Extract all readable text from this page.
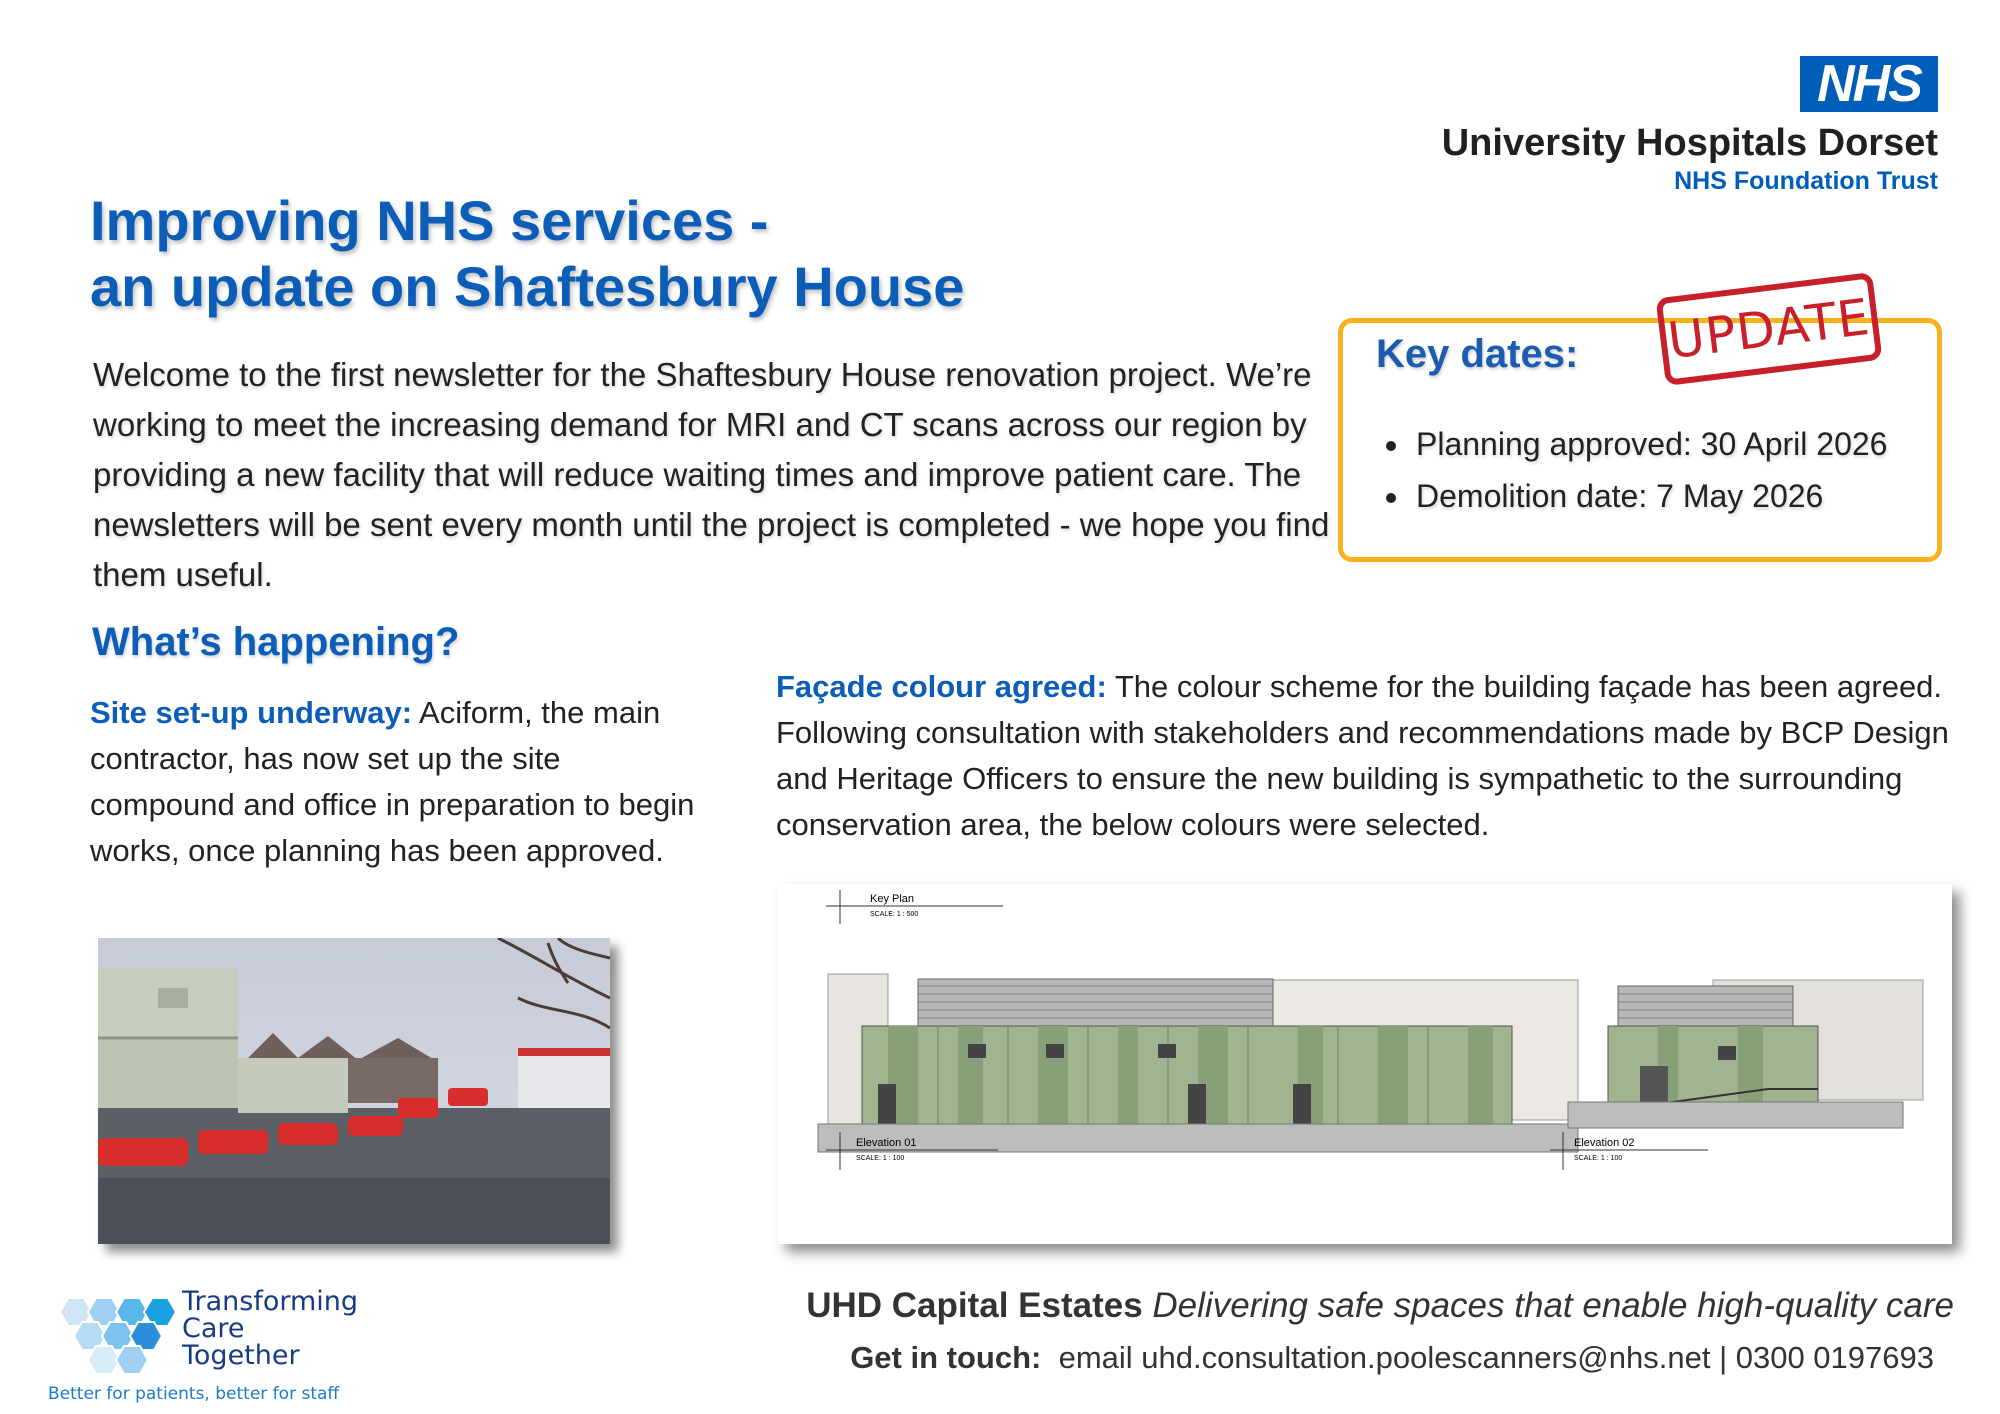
NHS
University Hospitals Dorset
NHS Foundation Trust
Improving NHS services -
an update on Shaftesbury House
Welcome to the first newsletter for the Shaftesbury House renovation project. We’re working to meet the increasing demand for MRI and CT scans across our region by providing a new facility that will reduce waiting times and improve patient care. The newsletters will be sent every month until the project is completed - we hope you find them useful.
Key dates: UPDATE
• Planning approved: 30 April 2026
• Demolition date: 7 May 2026
What’s happening?
Site set-up underway: Aciform, the main contractor, has now set up the site compound and office in preparation to begin works, once planning has been approved.
Façade colour agreed: The colour scheme for the building façade has been agreed. Following consultation with stakeholders and recommendations made by BCP Design and Heritage Officers to ensure the new building is sympathetic to the surrounding conservation area, the below colours were selected.
Key Plan
SCALE: 1 : 500
Elevation 01
SCALE: 1 : 100
Elevation 02
SCALE: 1 : 100
Transforming
Care
Together
Better for patients, better for staff
UHD Capital Estates Delivering safe spaces that enable high-quality care
Get in touch: email uhd.consultation.poolescanners@nhs.net | 0300 0197693
